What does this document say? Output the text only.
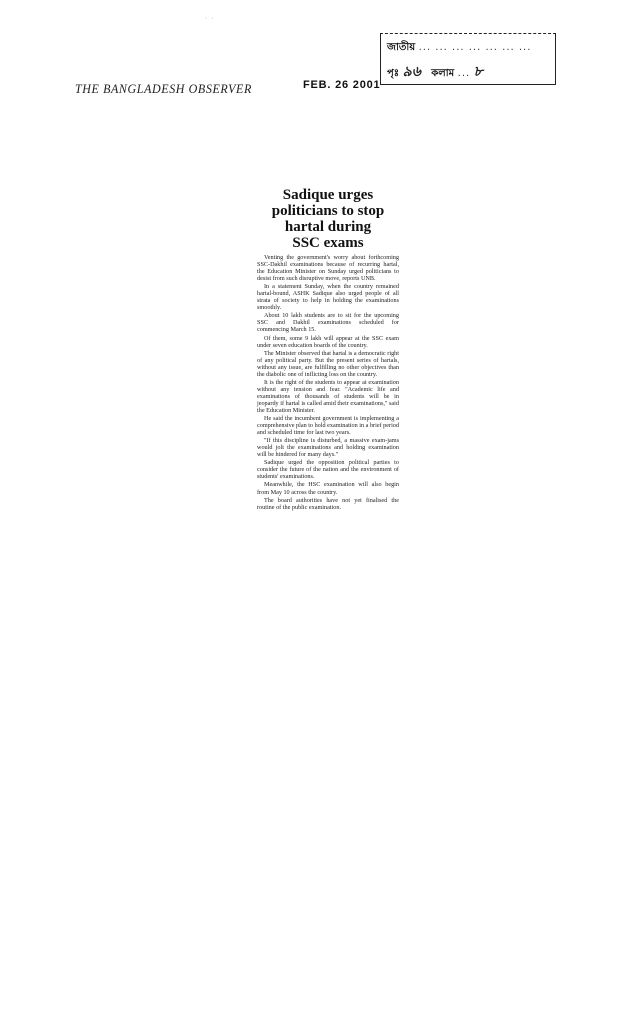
·   ·
THE BANGLADESH OBSERVER	FEB. 26 2001
জাতীয় ... ... ... ... ... ... ...
পৃঃ ৯৬ কলাম ... ৮
Sadique urges
politicians to stop
hartal during
SSC exams

Venting the government's worry about forthcoming SSC-Dakhil examinations because of recurring hartal, the Education Minister on Sunday urged politicians to desist from such disruptive move, reports UNB.

In a statement Sunday, when the country remained hartal-bound, ASHK Sadique also urged people of all strata of society to help in holding the examinations smoothly.

About 10 lakh students are to sit for the upcoming SSC and Dakhil examinations scheduled for commencing March 15.

Of them, some 9 lakh will appear at the SSC exam under seven education boards of the country.

The Minister observed that hartal is a democratic right of any political party. But the present series of hartals, without any issue, are fulfilling no other objectives than the diabolic one of inflicting loss on the country.

It is the right of the students to appear at examination without any tension and fear. "Academic life and examinations of thousands of students will be in jeopardy if hartal is called amid their examinations," said the Education Minister.

He said the incumbent government is implementing a comprehensive plan to hold examination in a brief period and scheduled time for last two years.

"If this discipline is disturbed, a massive exam-jams would jolt the examinations and holding examination will be hindered for many days."

Sadique urged the opposition political parties to consider the future of the nation and the environment of students' examinations.

Meanwhile, the HSC examination will also begin from May 10 across the country.

The board authorities have not yet finalised the routine of the public examination.
